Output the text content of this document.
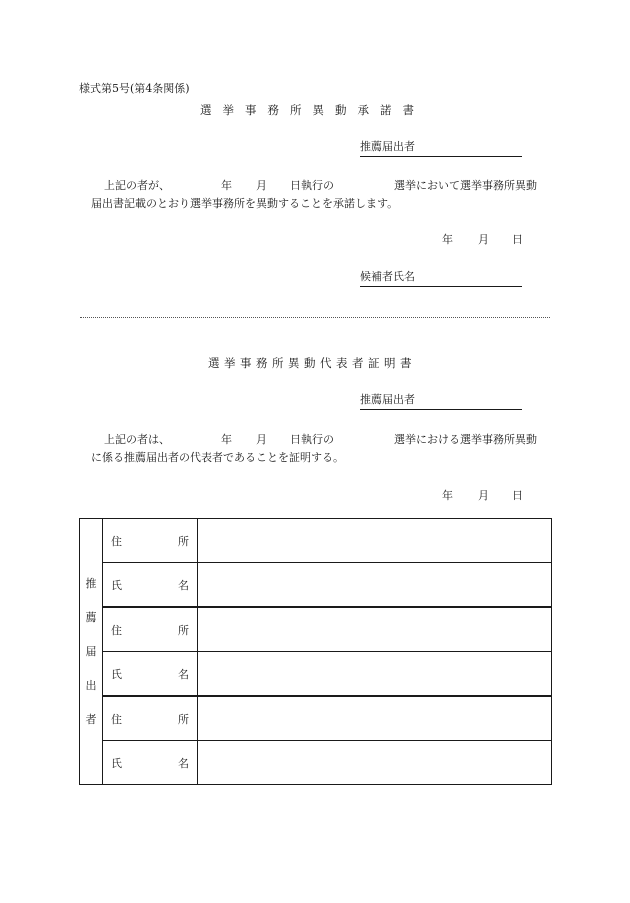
様式第5号(第4条関係)
選挙事務所異動承諾書
推薦届出者
上記の者が、	年 月 日執行の	選挙において選挙事務所異動
届出書記載のとおり選挙事務所を異動することを承諾します。
年 月 日
候補者氏名
選挙事務所異動代表者証明書
推薦届出者
上記の者は、	年 月 日執行の	選挙における選挙事務所異動
に係る推薦届出者の代表者であることを証明する。
年 月 日
推
薦
届
出
者	住 所	

	氏 名	

	住 所	

	氏 名	

	住 所	

	氏 名	
